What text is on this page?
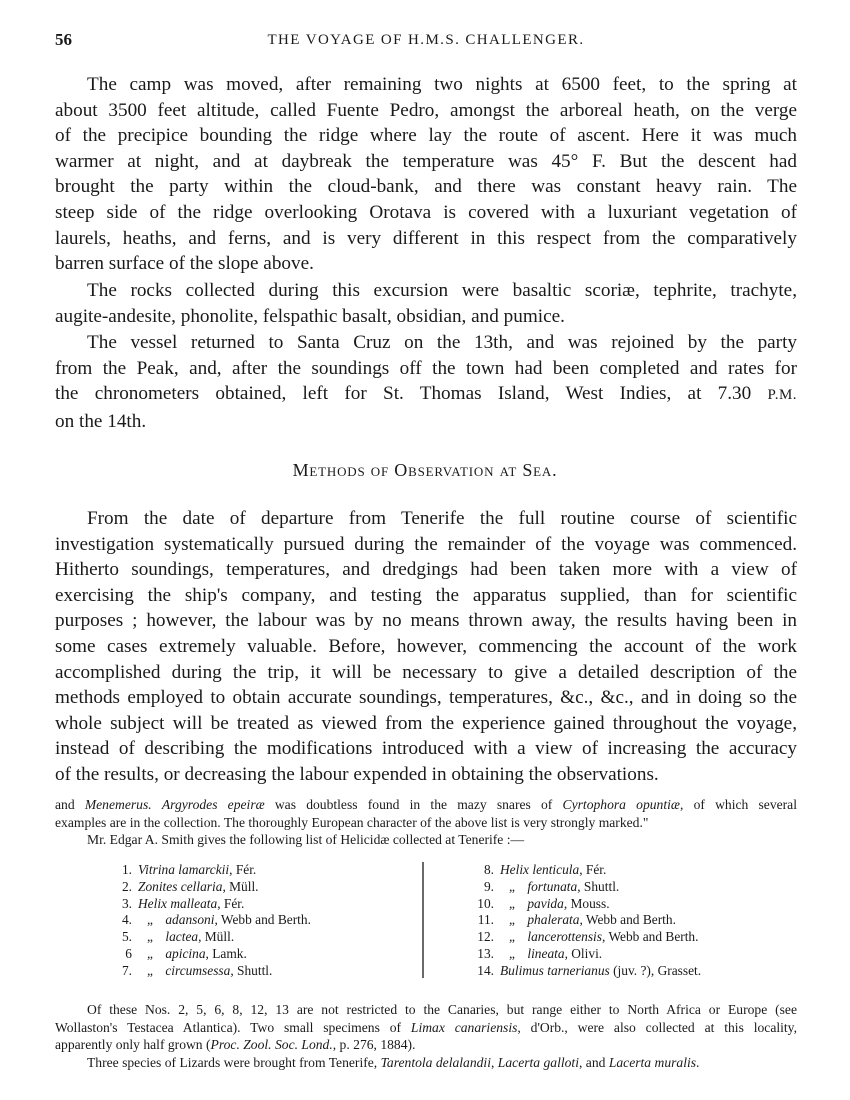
56	THE VOYAGE OF H.M.S. CHALLENGER.

The camp was moved, after remaining two nights at 6500 feet, to the spring at
about 3500 feet altitude, called Fuente Pedro, amongst the arboreal heath, on the verge
of the precipice bounding the ridge where lay the route of ascent. Here it was much
warmer at night, and at daybreak the temperature was 45° F. But the descent had
brought the party within the cloud-bank, and there was constant heavy rain. The
steep side of the ridge overlooking Orotava is covered with a luxuriant vegetation of
laurels, heaths, and ferns, and is very different in this respect from the comparatively
barren surface of the slope above.

The rocks collected during this excursion were basaltic scoriæ, tephrite, trachyte,
augite-andesite, phonolite, felspathic basalt, obsidian, and pumice.

The vessel returned to Santa Cruz on the 13th, and was rejoined by the party
from the Peak, and, after the soundings off the town had been completed and rates for
the chronometers obtained, left for St. Thomas Island, West Indies, at 7.30 P.M.
on the 14th.

Methods of Observation at Sea.

From the date of departure from Tenerife the full routine course of scientific
investigation systematically pursued during the remainder of the voyage was commenced.
Hitherto soundings, temperatures, and dredgings had been taken more with a view of
exercising the ship's company, and testing the apparatus supplied, than for scientific
purposes ; however, the labour was by no means thrown away, the results having been in
some cases extremely valuable. Before, however, commencing the account of the work
accomplished during the trip, it will be necessary to give a detailed description of the
methods employed to obtain accurate soundings, temperatures, &c., &c., and in doing so the
whole subject will be treated as viewed from the experience gained throughout the voyage,
instead of describing the modifications introduced with a view of increasing the accuracy
of the results, or decreasing the labour expended in obtaining the observations.

and Menemerus. Argyrodes epeiræ was doubtless found in the mazy snares of Cyrtophora opuntiæ, of which several
examples are in the collection. The thoroughly European character of the above list is very strongly marked."
Mr. Edgar A. Smith gives the following list of Helicidæ collected at Tenerife :—
1. Vitrina lamarckii, Fér.
2. Zonites cellaria, Müll.
3. Helix malleata, Fér.
4. „ adansoni, Webb and Berth.
5. „ lactea, Müll.
6 „ apicina, Lamk.
7. „ circumsessa, Shuttl.
8. Helix lenticula, Fér.
9. „ fortunata, Shuttl.
10. „ pavida, Mouss.
11. „ phalerata, Webb and Berth.
12. „ lancerottensis, Webb and Berth.
13. „ lineata, Olivi.
14. Bulimus tarnerianus (juv. ?), Grasset.
Of these Nos. 2, 5, 6, 8, 12, 13 are not restricted to the Canaries, but range either to North Africa or Europe (see
Wollaston's Testacea Atlantica). Two small specimens of Limax canariensis, d'Orb., were also collected at this locality,
apparently only half grown (Proc. Zool. Soc. Lond., p. 276, 1884).
Three species of Lizards were brought from Tenerife, Tarentola delalandii, Lacerta galloti, and Lacerta muralis.
